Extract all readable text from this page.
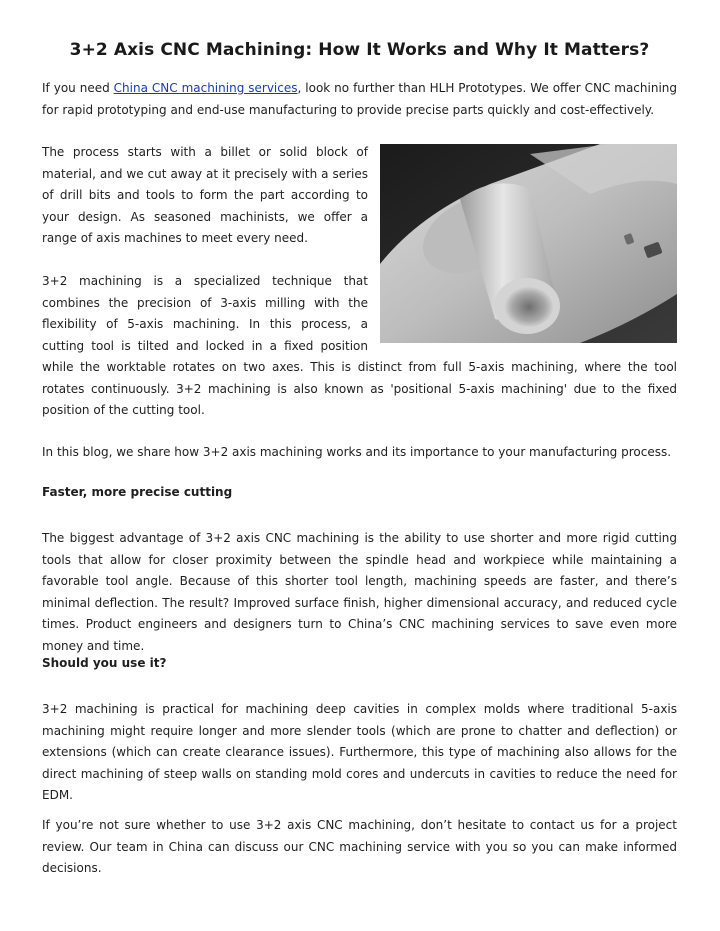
3+2 Axis CNC Machining: How It Works and Why It Matters?

If you need China CNC machining services, look no further than HLH Prototypes. We offer CNC machining for rapid prototyping and end-use manufacturing to provide precise parts quickly and cost-effectively.

The process starts with a billet or solid block of material, and we cut away at it precisely with a series of drill bits and tools to form the part according to your design. As seasoned machinists, we offer a range of axis machines to meet every need.

3+2 machining is a specialized technique that combines the precision of 3-axis milling with the flexibility of 5-axis machining. In this process, a cutting tool is tilted and locked in a fixed position while the worktable rotates on two axes. This is distinct from full 5-axis machining, where the tool rotates continuously. 3+2 machining is also known as 'positional 5-axis machining' due to the fixed position of the cutting tool.

In this blog, we share how 3+2 axis machining works and its importance to your manufacturing process.

Faster, more precise cutting

The biggest advantage of 3+2 axis CNC machining is the ability to use shorter and more rigid cutting tools that allow for closer proximity between the spindle head and workpiece while maintaining a favorable tool angle. Because of this shorter tool length, machining speeds are faster, and there’s minimal deflection. The result? Improved surface finish, higher dimensional accuracy, and reduced cycle times. Product engineers and designers turn to China’s CNC machining services to save even more money and time.

Should you use it?

3+2 machining is practical for machining deep cavities in complex molds where traditional 5-axis machining might require longer and more slender tools (which are prone to chatter and deflection) or extensions (which can create clearance issues). Furthermore, this type of machining also allows for the direct machining of steep walls on standing mold cores and undercuts in cavities to reduce the need for EDM.

If you’re not sure whether to use 3+2 axis CNC machining, don’t hesitate to contact us for a project review. Our team in China can discuss our CNC machining service with you so you can make informed decisions.
